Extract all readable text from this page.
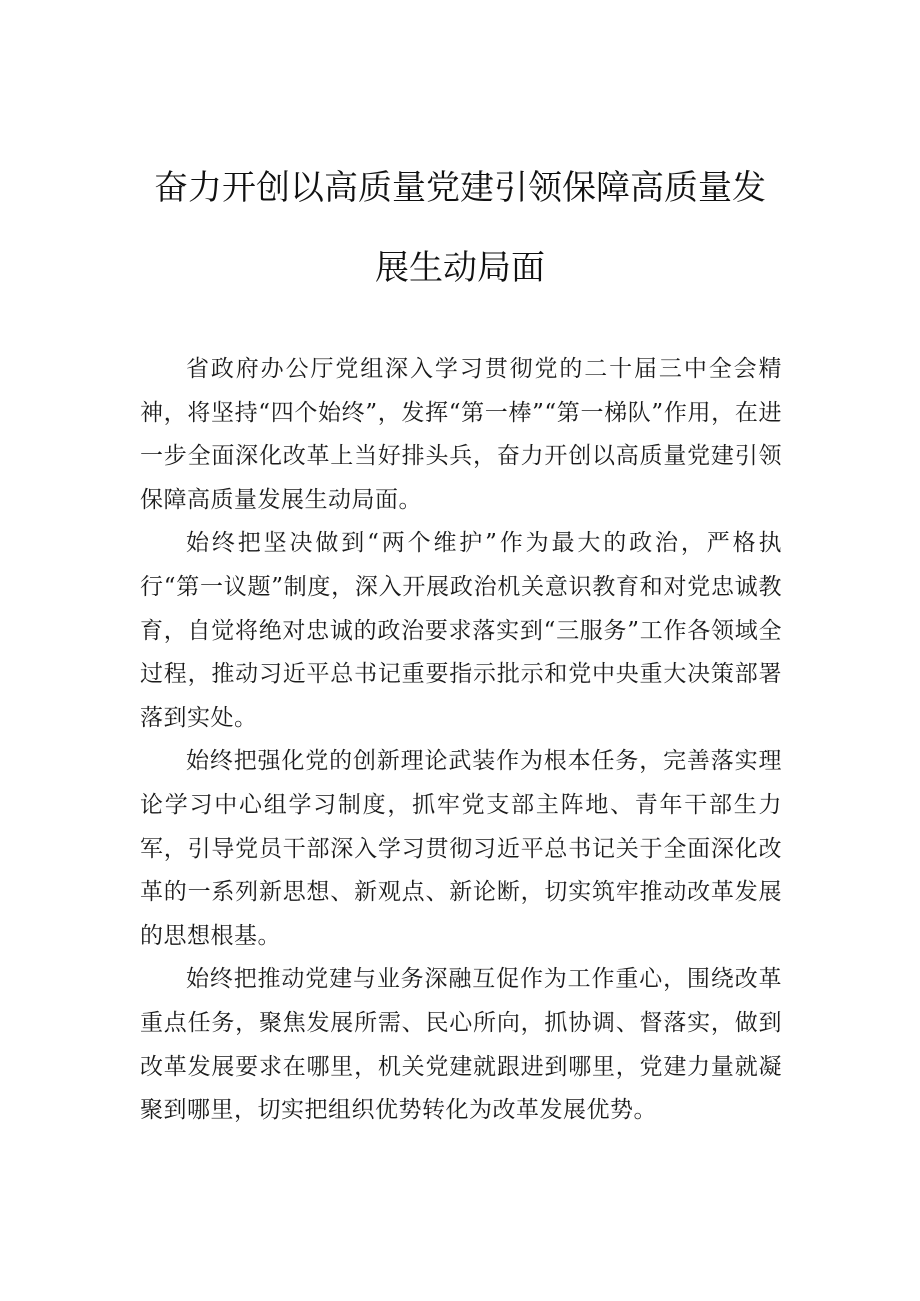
奋力开创以高质量党建引领保障高质量发
展生动局面

省政府办公厅党组深入学习贯彻党的二十届三中全会精神，将坚持“四个始终”，发挥“第一棒”“第一梯队”作用，在进一步全面深化改革上当好排头兵，奋力开创以高质量党建引领保障高质量发展生动局面。

始终把坚决做到“两个维护”作为最大的政治，严格执行“第一议题”制度，深入开展政治机关意识教育和对党忠诚教育，自觉将绝对忠诚的政治要求落实到“三服务”工作各领域全过程，推动习近平总书记重要指示批示和党中央重大决策部署落到实处。

始终把强化党的创新理论武装作为根本任务，完善落实理论学习中心组学习制度，抓牢党支部主阵地、青年干部生力军，引导党员干部深入学习贯彻习近平总书记关于全面深化改革的一系列新思想、新观点、新论断，切实筑牢推动改革发展的思想根基。

始终把推动党建与业务深融互促作为工作重心，围绕改革重点任务，聚焦发展所需、民心所向，抓协调、督落实，做到改革发展要求在哪里，机关党建就跟进到哪里，党建力量就凝聚到哪里，切实把组织优势转化为改革发展优势。
